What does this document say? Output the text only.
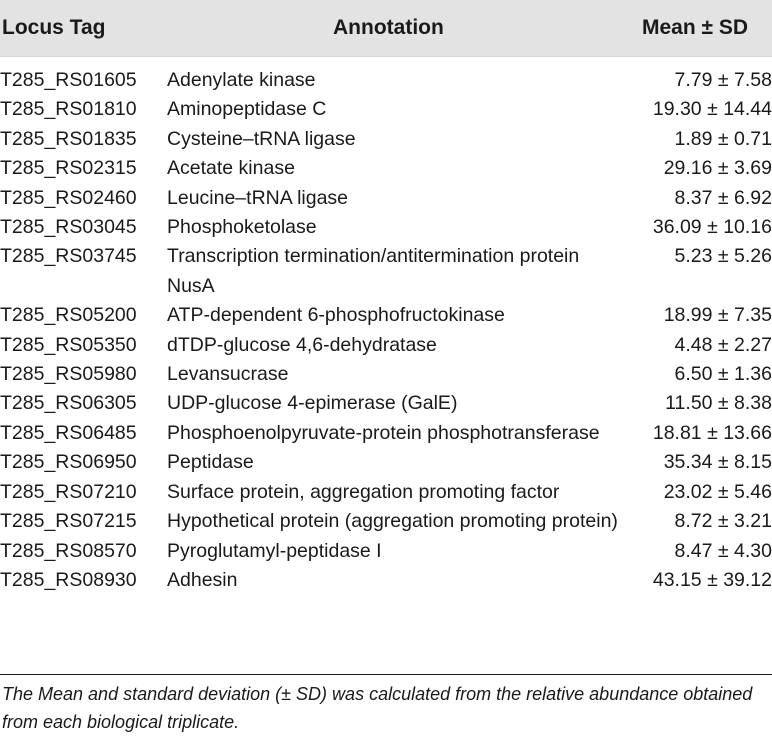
Locus Tag	Annotation	Mean ± SD
T285_RS01605	Adenylate kinase	7.79 ± 7.58
T285_RS01810	Aminopeptidase C	19.30 ± 14.44
T285_RS01835	Cysteine–tRNA ligase	1.89 ± 0.71
T285_RS02315	Acetate kinase	29.16 ± 3.69
T285_RS02460	Leucine–tRNA ligase	8.37 ± 6.92
T285_RS03045	Phosphoketolase	36.09 ± 10.16
T285_RS03745	Transcription termination/antitermination protein NusA	5.23 ± 5.26
T285_RS05200	ATP-dependent 6-phosphofructokinase	18.99 ± 7.35
T285_RS05350	dTDP-glucose 4,6-dehydratase	4.48 ± 2.27
T285_RS05980	Levansucrase	6.50 ± 1.36
T285_RS06305	UDP-glucose 4-epimerase (GalE)	11.50 ± 8.38
T285_RS06485	Phosphoenolpyruvate-protein phosphotransferase	18.81 ± 13.66
T285_RS06950	Peptidase	35.34 ± 8.15
T285_RS07210	Surface protein, aggregation promoting factor	23.02 ± 5.46
T285_RS07215	Hypothetical protein (aggregation promoting protein)	8.72 ± 3.21
T285_RS08570	Pyroglutamyl-peptidase I	8.47 ± 4.30
T285_RS08930	Adhesin	43.15 ± 39.12
The Mean and standard deviation (± SD) was calculated from the relative abundance obtained from each biological triplicate.
